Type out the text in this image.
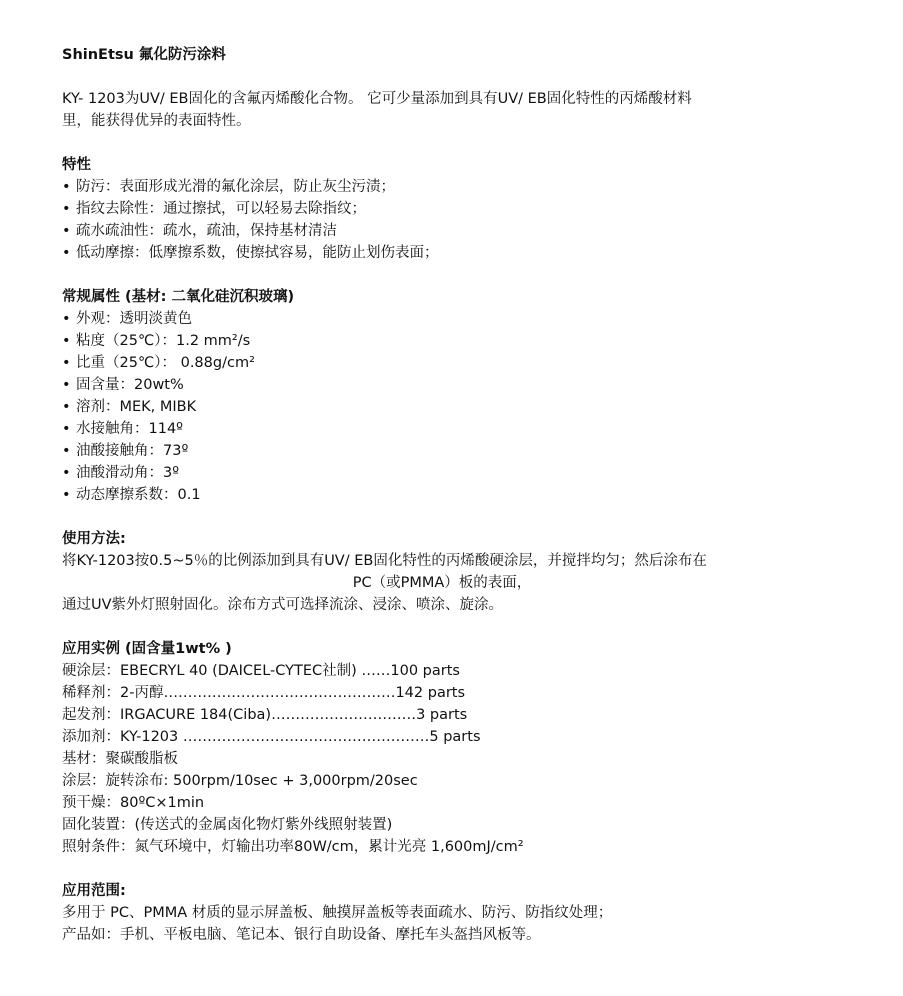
ShinEtsu 氟化防污涂料

KY- 1203为UV/ EB固化的含氟丙烯酸化合物。 它可少量添加到具有UV/ EB固化特性的丙烯酸材料

里，能获得优异的表面特性。

特性

• 防污：表面形成光滑的氟化涂层，防止灰尘污渍；
• 指纹去除性：通过擦拭，可以轻易去除指纹；
• 疏水疏油性：疏水，疏油，保持基材清洁
• 低动摩擦：低摩擦系数，使擦拭容易，能防止划伤表面；

常规属性 (基材: 二氧化硅沉积玻璃)

• 外观：透明淡黄色
• 粘度（25℃）：1.2 mm²/s
• 比重（25℃）： 0.88g/cm²
• 固含量：20wt%
• 溶剂：MEK, MIBK
• 水接触角：114º
• 油酸接触角：73º
• 油酸滑动角：3º
• 动态摩擦系数：0.1

使用方法:

将KY-1203按0.5~5％的比例添加到具有UV/ EB固化特性的丙烯酸硬涂层，并搅拌均匀；然后涂布在

PC（或PMMA）板的表面，

通过UV紫外灯照射固化。涂布方式可选择流涂、浸涂、喷涂、旋涂。

应用实例 (固含量1wt% )

硬涂层：EBECRYL 40 (DAICEL-CYTEC社制) ……100 parts

稀释剂：2-丙醇…………………………………………142 parts

起发剂：IRGACURE 184(Ciba)…………………………3 parts

添加剂：KY-1203 ……………………………………………5 parts

基材：聚碳酸脂板

涂层：旋转涂布: 500rpm/10sec + 3,000rpm/20sec

预干燥：80ºC×1min

固化装置：(传送式的金属卤化物灯紫外线照射装置)

照射条件：氮气环境中，灯输出功率80W/cm，累计光亮 1,600mJ/cm²

应用范围:

多用于 PC、PMMA 材质的显示屏盖板、触摸屏盖板等表面疏水、防污、防指纹处理；

产品如：手机、平板电脑、笔记本、银行自助设备、摩托车头盔挡风板等。
